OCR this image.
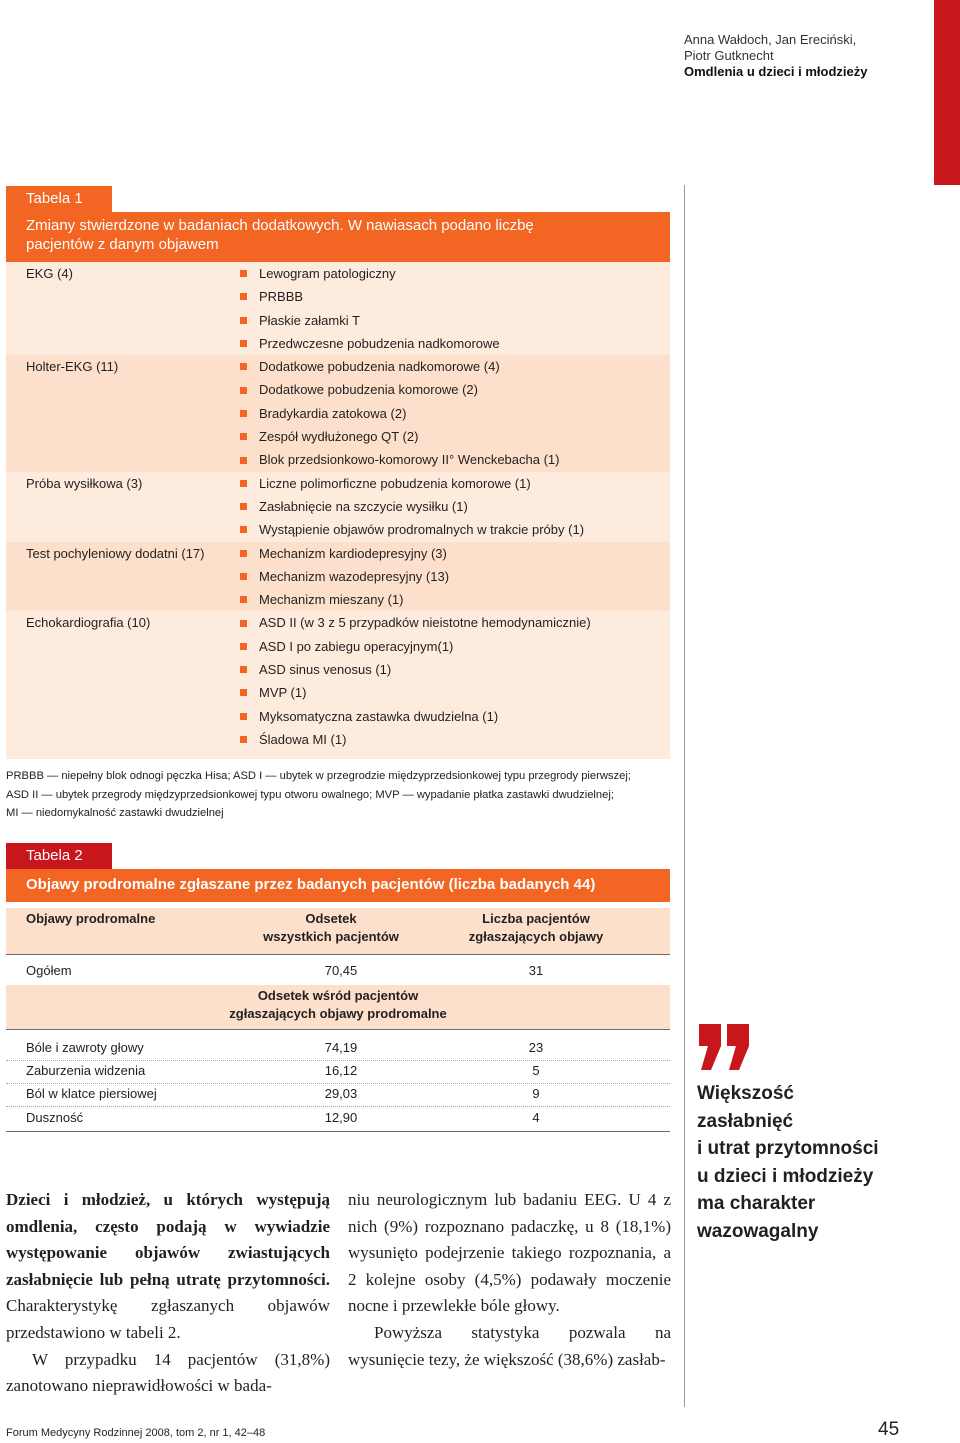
Anna Wałdoch, Jan Ereciński,
Piotr Gutknecht
Omdlenia u dzieci i młodzieży
Tabela 1
Zmiany stwierdzone w badaniach dodatkowych. W nawiasach podano liczbę
pacjentów z danym objawem
EKG (4)	Lewogram patologiczny
PRBBB
Płaskie załamki T
Przedwczesne pobudzenia nadkomorowe
Holter-EKG (11)	Dodatkowe pobudzenia nadkomorowe (4)
Dodatkowe pobudzenia komorowe (2)
Bradykardia zatokowa (2)
Zespół wydłużonego QT (2)
Blok przedsionkowo-komorowy II° Wenckebacha (1)
Próba wysiłkowa (3)	Liczne polimorficzne pobudzenia komorowe (1)
Zasłabnięcie na szczycie wysiłku (1)
Wystąpienie objawów prodromalnych w trakcie próby (1)
Test pochyleniowy dodatni (17)	Mechanizm kardiodepresyjny (3)
Mechanizm wazodepresyjny (13)
Mechanizm mieszany (1)
Echokardiografia (10)	ASD II (w 3 z 5 przypadków nieistotne hemodynamicznie)
ASD I po zabiegu operacyjnym(1)
ASD sinus venosus (1)
MVP (1)
Myksomatyczna zastawka dwudzielna (1)
Śladowa MI (1)
PRBBB — niepełny blok odnogi pęczka Hisa; ASD I — ubytek w przegrodzie międzyprzedsionkowej typu przegrody pierwszej;
ASD II — ubytek przegrody międzyprzedsionkowej typu otworu owalnego; MVP — wypadanie płatka zastawki dwudzielnej;
MI — niedomykalność zastawki dwudzielnej
Tabela 2
Objawy prodromalne zgłaszane przez badanych pacjentów (liczba badanych 44)
Objawy prodromalne	Odsetek
wszystkich pacjentów
Liczba pacjentów
zgłaszających objawy
Ogółem	70,45	31
Odsetek wśród pacjentów
zgłaszających objawy prodromalne
Bóle i zawroty głowy	74,19	23
Zaburzenia widzenia	16,12	5
Ból w klatce piersiowej	29,03	9
Duszność	12,90	4

Dzieci i młodzież, u których występują omdlenia, często podają w wywiadzie występowanie objawów zwiastujących zasłabnięcie lub pełną utratę przytomności. Charakterystykę zgłaszanych objawów przedstawiono w tabeli 2.

W przypadku 14 pacjentów (31,8%) zanotowano nieprawidłowości w bada-

niu neurologicznym lub badaniu EEG. U 4 z nich (9%) rozpoznano padaczkę, u 8 (18,1%) wysunięto podejrzenie takiego rozpoznania, a 2 kolejne osoby (4,5%) podawały moczenie nocne i przewlekłe bóle głowy.

Powyższa statystyka pozwala na wysunięcie tezy, że większość (38,6%) zasłab-

Większość zasłabnięć
i utrat przytomności
u dzieci i młodzieży
ma charakter
wazowagalny
Forum Medycyny Rodzinnej 2008, tom 2, nr 1, 42–48	45
